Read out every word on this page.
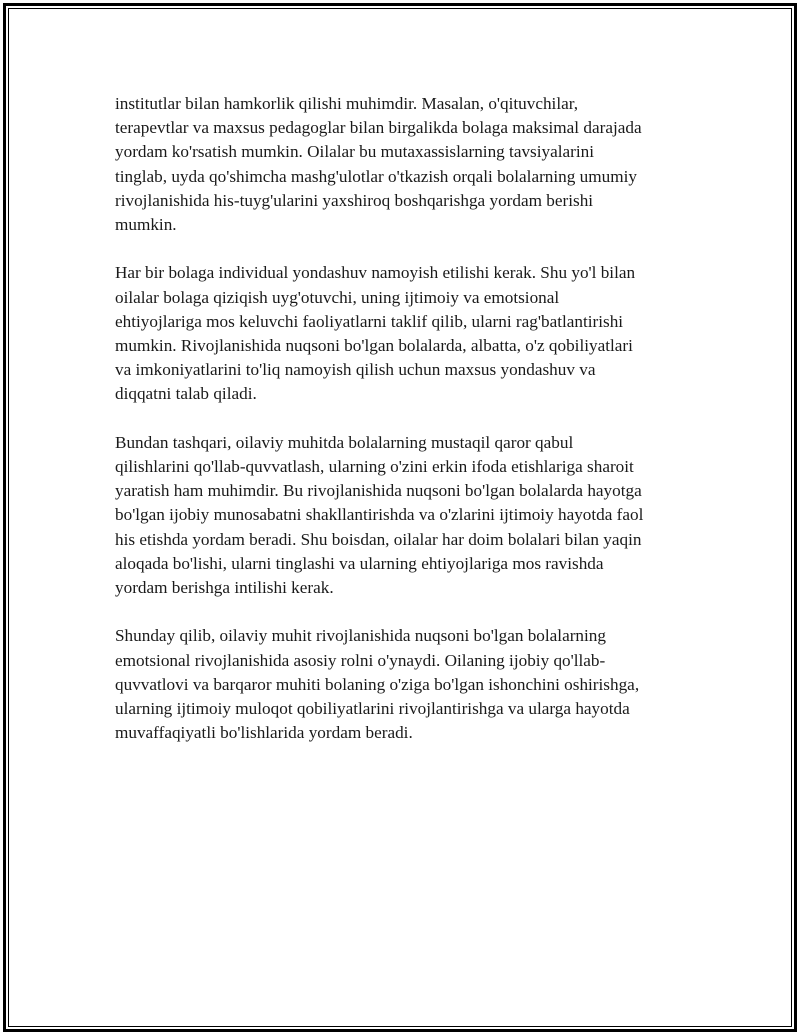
institutlar bilan hamkorlik qilishi muhimdir. Masalan, o'qituvchilar,
terapevtlar va maxsus pedagoglar bilan birgalikda bolaga maksimal darajada
yordam ko'rsatish mumkin. Oilalar bu mutaxassislarning tavsiyalarini
tinglab, uyda qo'shimcha mashg'ulotlar o'tkazish orqali bolalarning umumiy
rivojlanishida his-tuyg'ularini yaxshiroq boshqarishga yordam berishi
mumkin.

Har bir bolaga individual yondashuv namoyish etilishi kerak. Shu yo'l bilan
oilalar bolaga qiziqish uyg'otuvchi, uning ijtimoiy va emotsional
ehtiyojlariga mos keluvchi faoliyatlarni taklif qilib, ularni rag'batlantirishi
mumkin. Rivojlanishida nuqsoni bo'lgan bolalarda, albatta, o'z qobiliyatlari
va imkoniyatlarini to'liq namoyish qilish uchun maxsus yondashuv va
diqqatni talab qiladi.

Bundan tashqari, oilaviy muhitda bolalarning mustaqil qaror qabul
qilishlarini qo'llab-quvvatlash, ularning o'zini erkin ifoda etishlariga sharoit
yaratish ham muhimdir. Bu rivojlanishida nuqsoni bo'lgan bolalarda hayotga
bo'lgan ijobiy munosabatni shakllantirishda va o'zlarini ijtimoiy hayotda faol
his etishda yordam beradi. Shu boisdan, oilalar har doim bolalari bilan yaqin
aloqada bo'lishi, ularni tinglashi va ularning ehtiyojlariga mos ravishda
yordam berishga intilishi kerak.

Shunday qilib, oilaviy muhit rivojlanishida nuqsoni bo'lgan bolalarning
emotsional rivojlanishida asosiy rolni o'ynaydi. Oilaning ijobiy qo'llab-
quvvatlovi va barqaror muhiti bolaning o'ziga bo'lgan ishonchini oshirishga,
ularning ijtimoiy muloqot qobiliyatlarini rivojlantirishga va ularga hayotda
muvaffaqiyatli bo'lishlarida yordam beradi.
